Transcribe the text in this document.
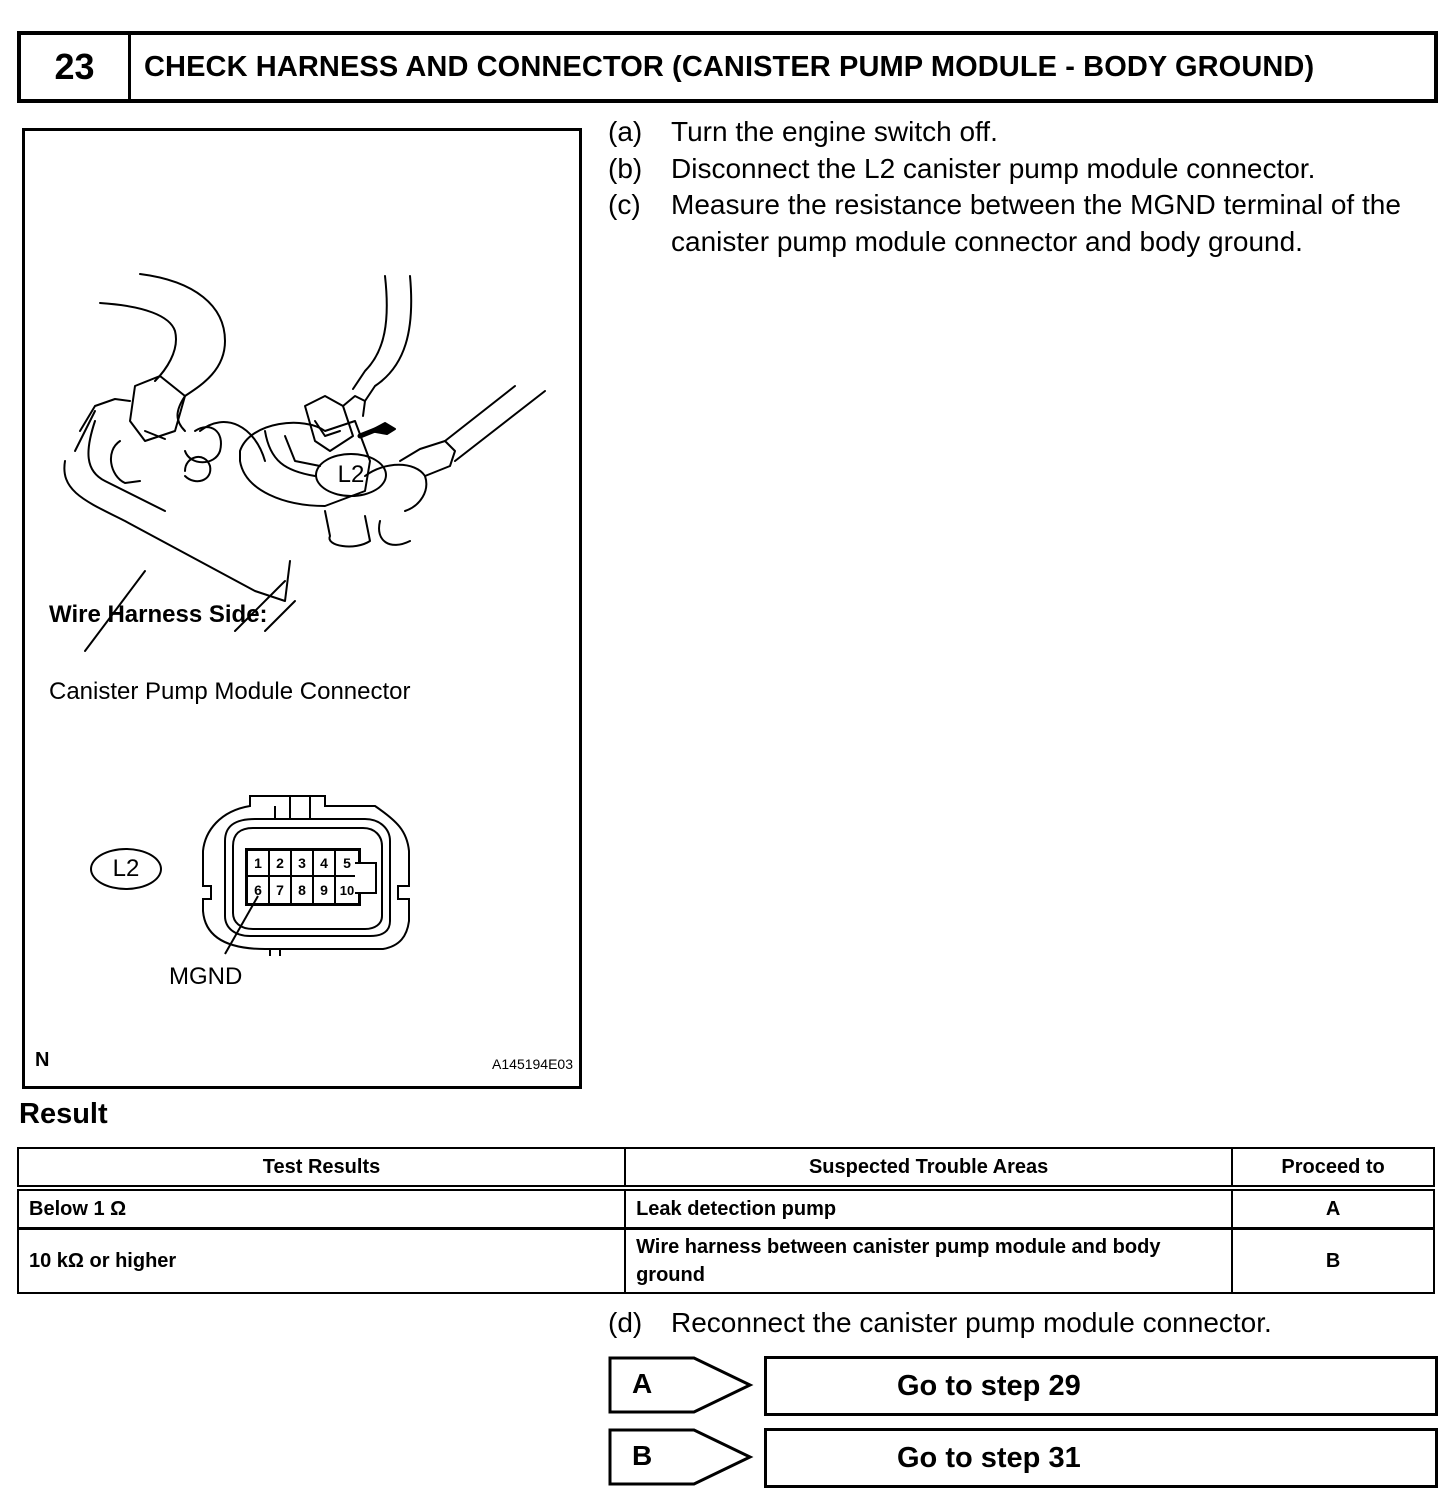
23	CHECK HARNESS AND CONNECTOR (CANISTER PUMP MODULE - BODY GROUND)
L2
Wire Harness Side:
Canister Pump Module Connector
L2	1	2	3	4	5
6	7	8	9 10
MGND
N	A145194E03
(a)	Turn the engine switch off.
(b)	Disconnect the L2 canister pump module connector.
(c)	Measure the resistance between the MGND terminal of the canister pump module connector and body ground.
Result
Test Results	Suspected Trouble Areas	Proceed to
Below 1 Ω	Leak detection pump	A
10 kΩ or higher	Wire harness between canister pump module and body ground	B
(d)	Reconnect the canister pump module connector.
A	Go to step 29
B	Go to step 31
